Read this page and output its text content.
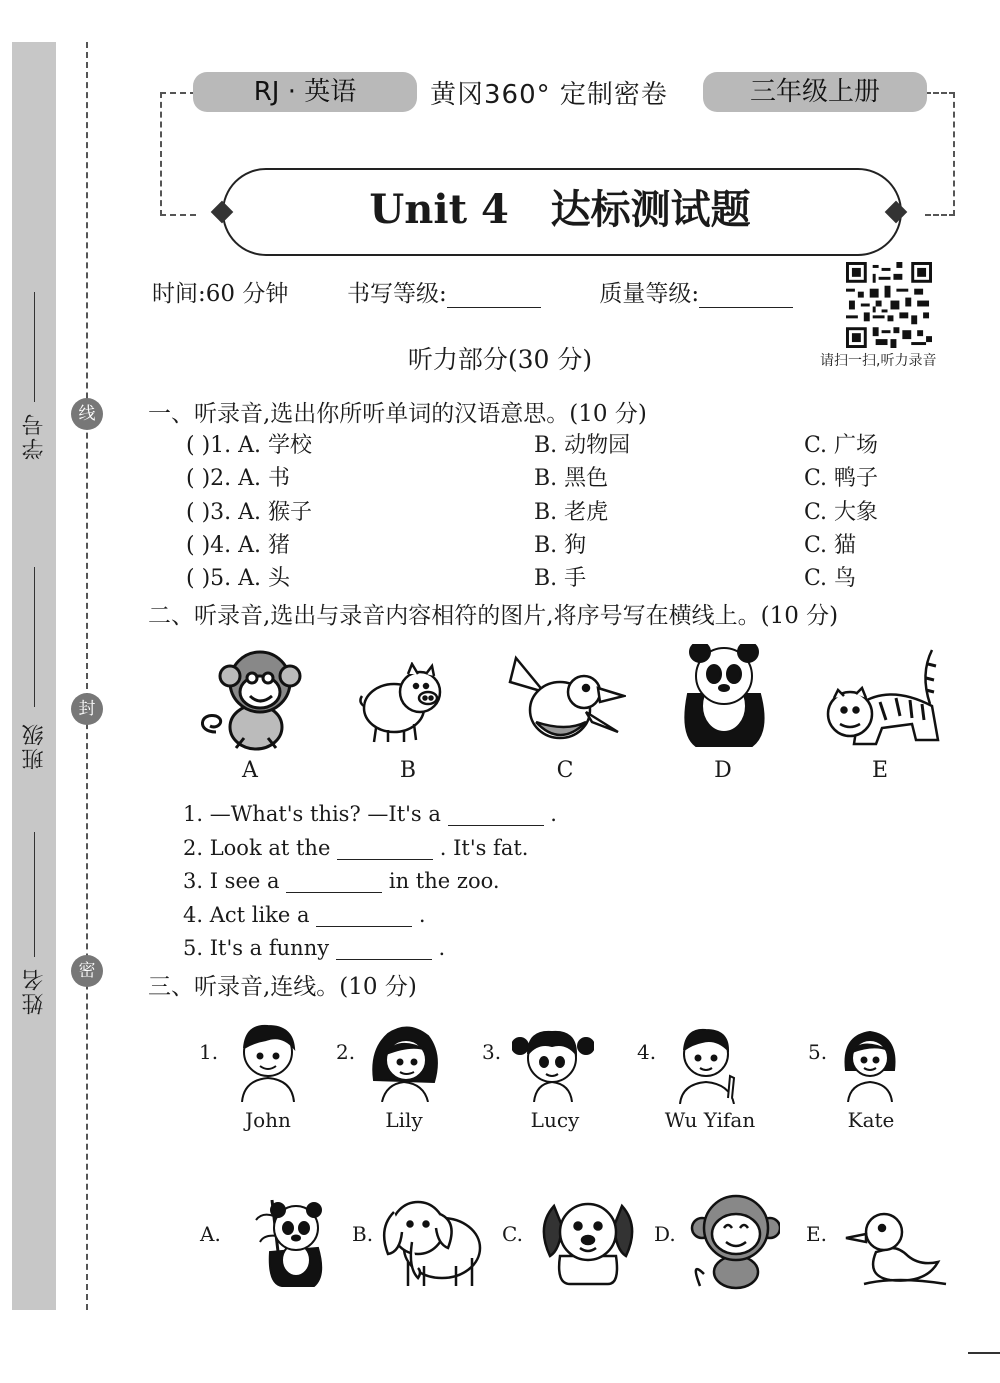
学号
班级
姓名
线
封
密
RJ · 英语	黄冈360° 定制密卷	三年级上册
Unit 4   达标测试题
时间:60 分钟	书写等级:	质量等级:
请扫一扫,听力录音
听力部分(30 分)
一、听录音,选出你所听单词的汉语意思。(10 分)
二、听录音,选出与录音内容相符的图片,将序号写在横线上。(10 分)
三、听录音,连线。(10 分)
( )1. A. 学校	B. 动物园	C. 广场
( )2. A. 书	B. 黑色	C. 鸭子
( )3. A. 猴子	B. 老虎	C. 大象
( )4. A. 猪	B. 狗	C. 猫
( )5. A. 头	B. 手	C. 鸟
A	B	C	D	E
1. —What's this? —It's a	.
2. Look at the	. It's fat.
3. I see a	in the zoo.
4. Act like a	.
5. It's a funny	.
1.
John
2.
Lily
3.
Lucy
4.
Wu Yifan
5.
Kate
A.	B.	C.	D.	E.
